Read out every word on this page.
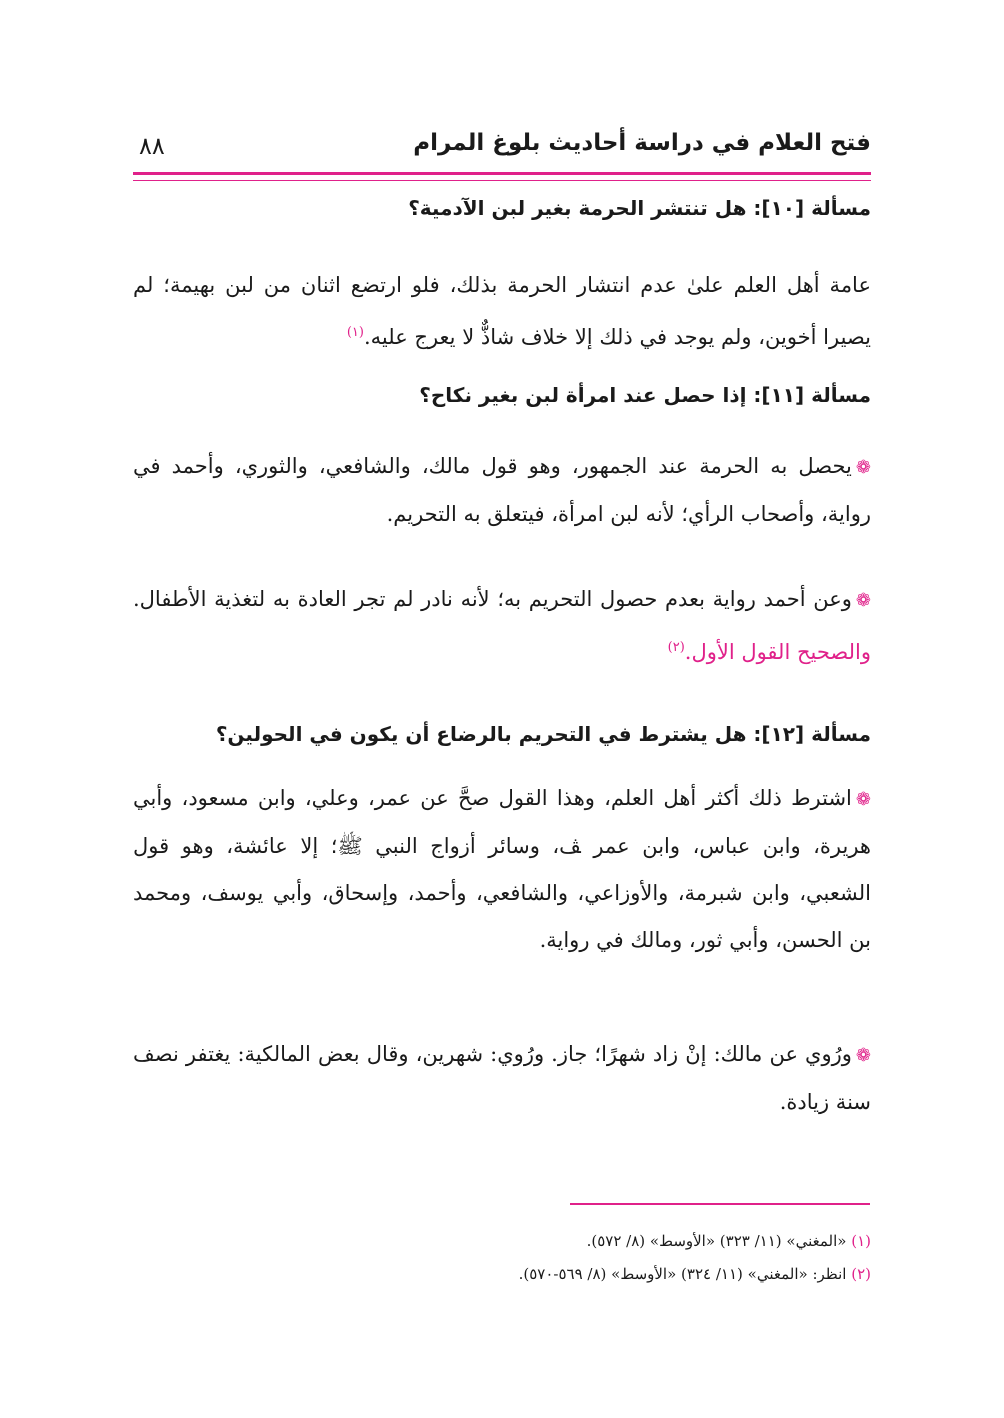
فتح العلام في دراسة أحاديث بلوغ المرام
٨٨
مسألة [١٠]: هل تنتشر الحرمة بغير لبن الآدمية؟
عامة أهل العلم علىٰ عدم انتشار الحرمة بذلك، فلو ارتضع اثنان من لبن بهيمة؛ لم يصيرا أخوين، ولم يوجد في ذلك إلا خلاف شاذٌّ لا يعرج عليه.$^{(١)}$
مسألة [١١]: إذا حصل عند امرأة لبن بغير نكاح؟
❁يحصل به الحرمة عند الجمهور، وهو قول مالك، والشافعي، والثوري، وأحمد في رواية، وأصحاب الرأي؛ لأنه لبن امرأة، فيتعلق به التحريم.
❁وعن أحمد رواية بعدم حصول التحريم به؛ لأنه نادر لم تجر العادة به لتغذية الأطفال. والصحيح القول الأول.$^{(٢)}$
مسألة [١٢]: هل يشترط في التحريم بالرضاع أن يكون في الحولين؟
❁اشترط ذلك أكثر أهل العلم، وهذا القول صحَّ عن عمر، وعلي، وابن مسعود، وأبي هريرة، وابن عباس، وابن عمر ﭫ، وسائر أزواج النبي ﷺ؛ إلا عائشة، وهو قول الشعبي، وابن شبرمة، والأوزاعي، والشافعي، وأحمد، وإسحاق، وأبي يوسف، ومحمد بن الحسن، وأبي ثور، ومالك في رواية.
❁ورُوي عن مالك: إنْ زاد شهرًا؛ جاز. ورُوي: شهرين، وقال بعض المالكية: يغتفر نصف سنة زيادة.
(١) «المغني» (١١/ ٣٢٣) «الأوسط» (٨/ ٥٧٢).
(٢) انظر: «المغني» (١١/ ٣٢٤) «الأوسط» (٨/ ٥٦٩-٥٧٠).
